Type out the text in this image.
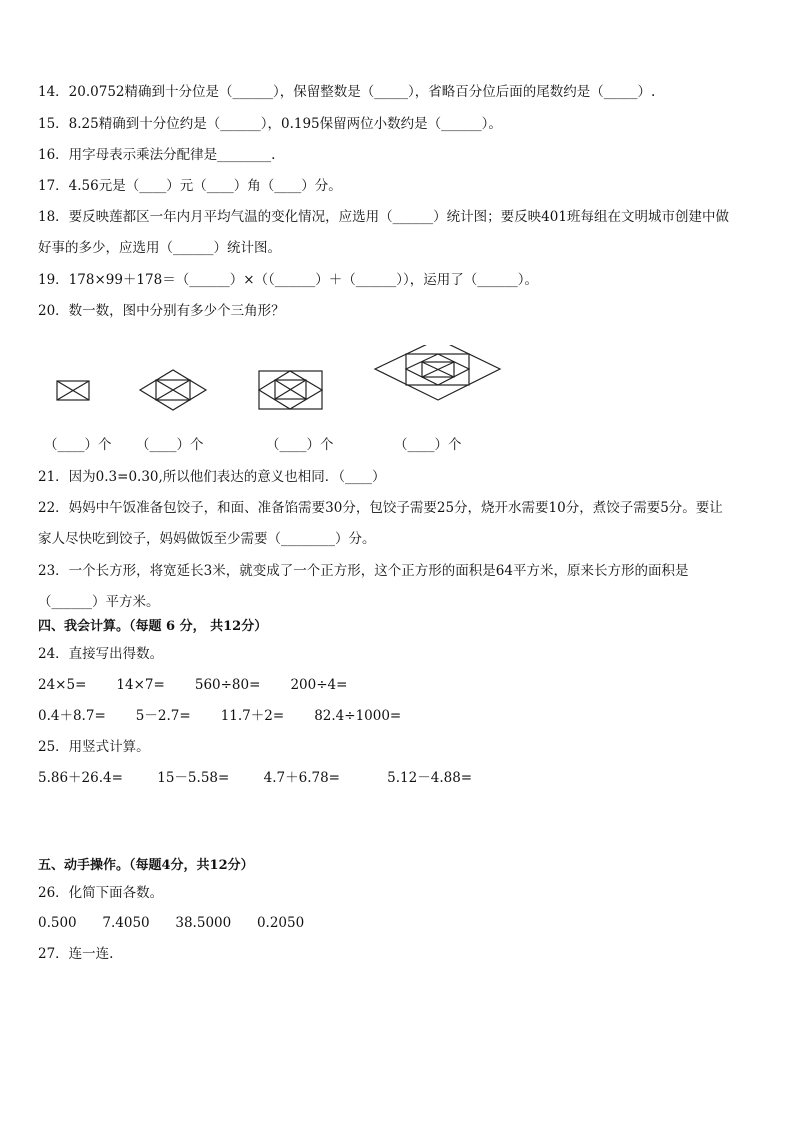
14．20.0752精确到十分位是（______），保留整数是（_____），省略百分位后面的尾数约是（_____）.
15．8.25精确到十分位约是（______），0.195保留两位小数约是（______）。
16．用字母表示乘法分配律是________.
17．4.56元是（____）元（____）角（____）分。
18．要反映莲都区一年内月平均气温的变化情况，应选用（______）统计图；要反映401班每组在文明城市创建中做
好事的多少，应选用（______）统计图。
19．178×99＋178＝（______）×（（______）＋（______）），运用了（______）。
20．数一数，图中分别有多少个三角形？
（____）个 （____）个	（____）个	（____）个
21．因为0.3=0.30,所以他们表达的意义也相同．（____）
22．妈妈中午饭准备包饺子，和面、准备馅需要30分，包饺子需要25分，烧开水需要10分，煮饺子需要5分。要让
家人尽快吃到饺子，妈妈做饭至少需要（________）分。
23．一个长方形，将宽延长3米，就变成了一个正方形，这个正方形的面积是64平方米，原来长方形的面积是
（______）平方米。
四、我会计算。（每题 6 分， 共12分）
24．直接写出得数。
24×5=       14×7=       560÷80=       200÷4=
0.4＋8.7=       5－2.7=       11.7＋2=       82.4÷1000=
25．用竖式计算。
5.86＋26.4=        15－5.58=        4.7＋6.78=           5.12－4.88=
五、动手操作。（每题4分，共12分）
26．化简下面各数。
0.500      7.4050      38.5000      0.2050
27．连一连.
